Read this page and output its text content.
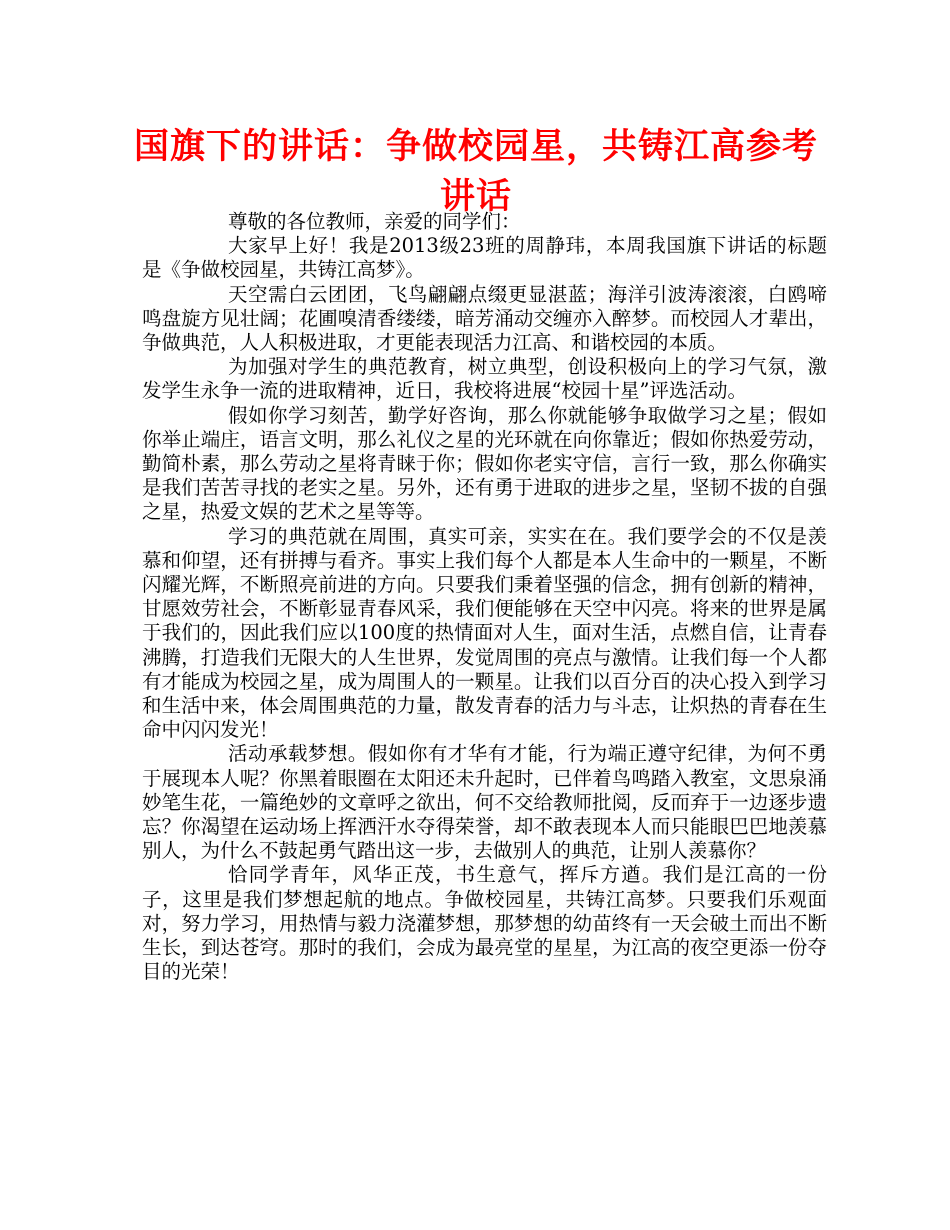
国旗下的讲话：争做校园星，共铸江高参考讲话

尊敬的各位教师，亲爱的同学们：

大家早上好！我是2013级23班的周静玮，本周我国旗下讲话的标题是《争做校园星，共铸江高梦》。

天空需白云团团，飞鸟翩翩点缀更显湛蓝；海洋引波涛滚滚，白鸥啼鸣盘旋方见壮阔；花圃嗅清香缕缕，暗芳涌动交缠亦入醉梦。而校园人才辈出，争做典范，人人积极进取，才更能表现活力江高、和谐校园的本质。

为加强对学生的典范教育，树立典型，创设积极向上的学习气氛，激发学生永争一流的进取精神，近日，我校将进展“校园十星”评选活动。

假如你学习刻苦，勤学好咨询，那么你就能够争取做学习之星；假如你举止端庄，语言文明，那么礼仪之星的光环就在向你靠近；假如你热爱劳动，勤简朴素，那么劳动之星将青睐于你；假如你老实守信，言行一致，那么你确实是我们苦苦寻找的老实之星。另外，还有勇于进取的进步之星，坚韧不拔的自强之星，热爱文娱的艺术之星等等。

学习的典范就在周围，真实可亲，实实在在。我们要学会的不仅是羡慕和仰望，还有拼搏与看齐。事实上我们每个人都是本人生命中的一颗星，不断闪耀光辉，不断照亮前进的方向。只要我们秉着坚强的信念，拥有创新的精神，甘愿效劳社会，不断彰显青春风采，我们便能够在天空中闪亮。将来的世界是属于我们的，因此我们应以100度的热情面对人生，面对生活，点燃自信，让青春沸腾，打造我们无限大的人生世界，发觉周围的亮点与激情。让我们每一个人都有才能成为校园之星，成为周围人的一颗星。让我们以百分百的决心投入到学习和生活中来，体会周围典范的力量，散发青春的活力与斗志，让炽热的青春在生命中闪闪发光！

活动承载梦想。假如你有才华有才能，行为端正遵守纪律，为何不勇于展现本人呢？你黑着眼圈在太阳还未升起时，已伴着鸟鸣踏入教室，文思泉涌妙笔生花，一篇绝妙的文章呼之欲出，何不交给教师批阅，反而弃于一边逐步遗忘？你渴望在运动场上挥洒汗水夺得荣誉，却不敢表现本人而只能眼巴巴地羡慕别人，为什么不鼓起勇气踏出这一步，去做别人的典范，让别人羡慕你？

恰同学青年，风华正茂，书生意气，挥斥方遒。我们是江高的一份子，这里是我们梦想起航的地点。争做校园星，共铸江高梦。只要我们乐观面对，努力学习，用热情与毅力浇灌梦想，那梦想的幼苗终有一天会破土而出不断生长，到达苍穹。那时的我们，会成为最亮堂的星星，为江高的夜空更添一份夺目的光荣！
